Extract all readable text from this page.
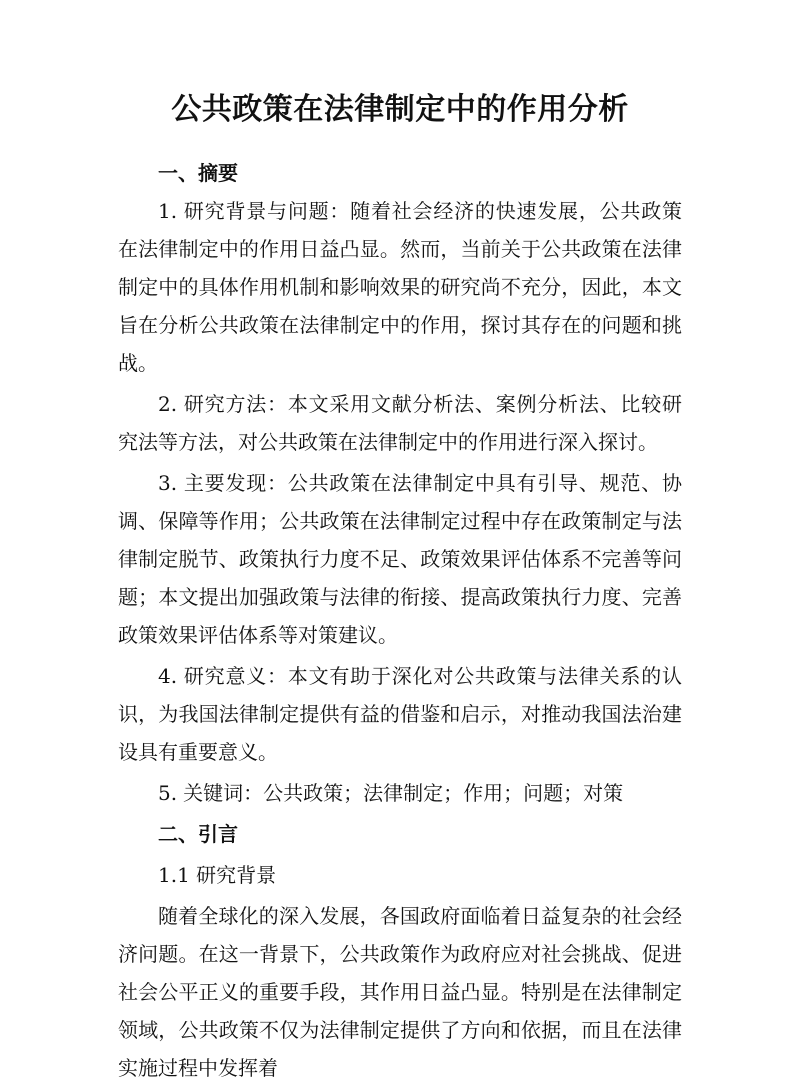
公共政策在法律制定中的作用分析

一、摘要

1. 研究背景与问题：随着社会经济的快速发展，公共政策在法律制定中的作用日益凸显。然而，当前关于公共政策在法律制定中的具体作用机制和影响效果的研究尚不充分，因此，本文旨在分析公共政策在法律制定中的作用，探讨其存在的问题和挑战。

2. 研究方法：本文采用文献分析法、案例分析法、比较研究法等方法，对公共政策在法律制定中的作用进行深入探讨。

3. 主要发现：公共政策在法律制定中具有引导、规范、协调、保障等作用；公共政策在法律制定过程中存在政策制定与法律制定脱节、政策执行力度不足、政策效果评估体系不完善等问题；本文提出加强政策与法律的衔接、提高政策执行力度、完善政策效果评估体系等对策建议。

4. 研究意义：本文有助于深化对公共政策与法律关系的认识，为我国法律制定提供有益的借鉴和启示，对推动我国法治建设具有重要意义。

5. 关键词：公共政策；法律制定；作用；问题；对策

二、引言

1.1 研究背景

随着全球化的深入发展，各国政府面临着日益复杂的社会经济问题。在这一背景下，公共政策作为政府应对社会挑战、促进社会公平正义的重要手段，其作用日益凸显。特别是在法律制定领域，公共政策不仅为法律制定提供了方向和依据，而且在法律实施过程中发挥着
